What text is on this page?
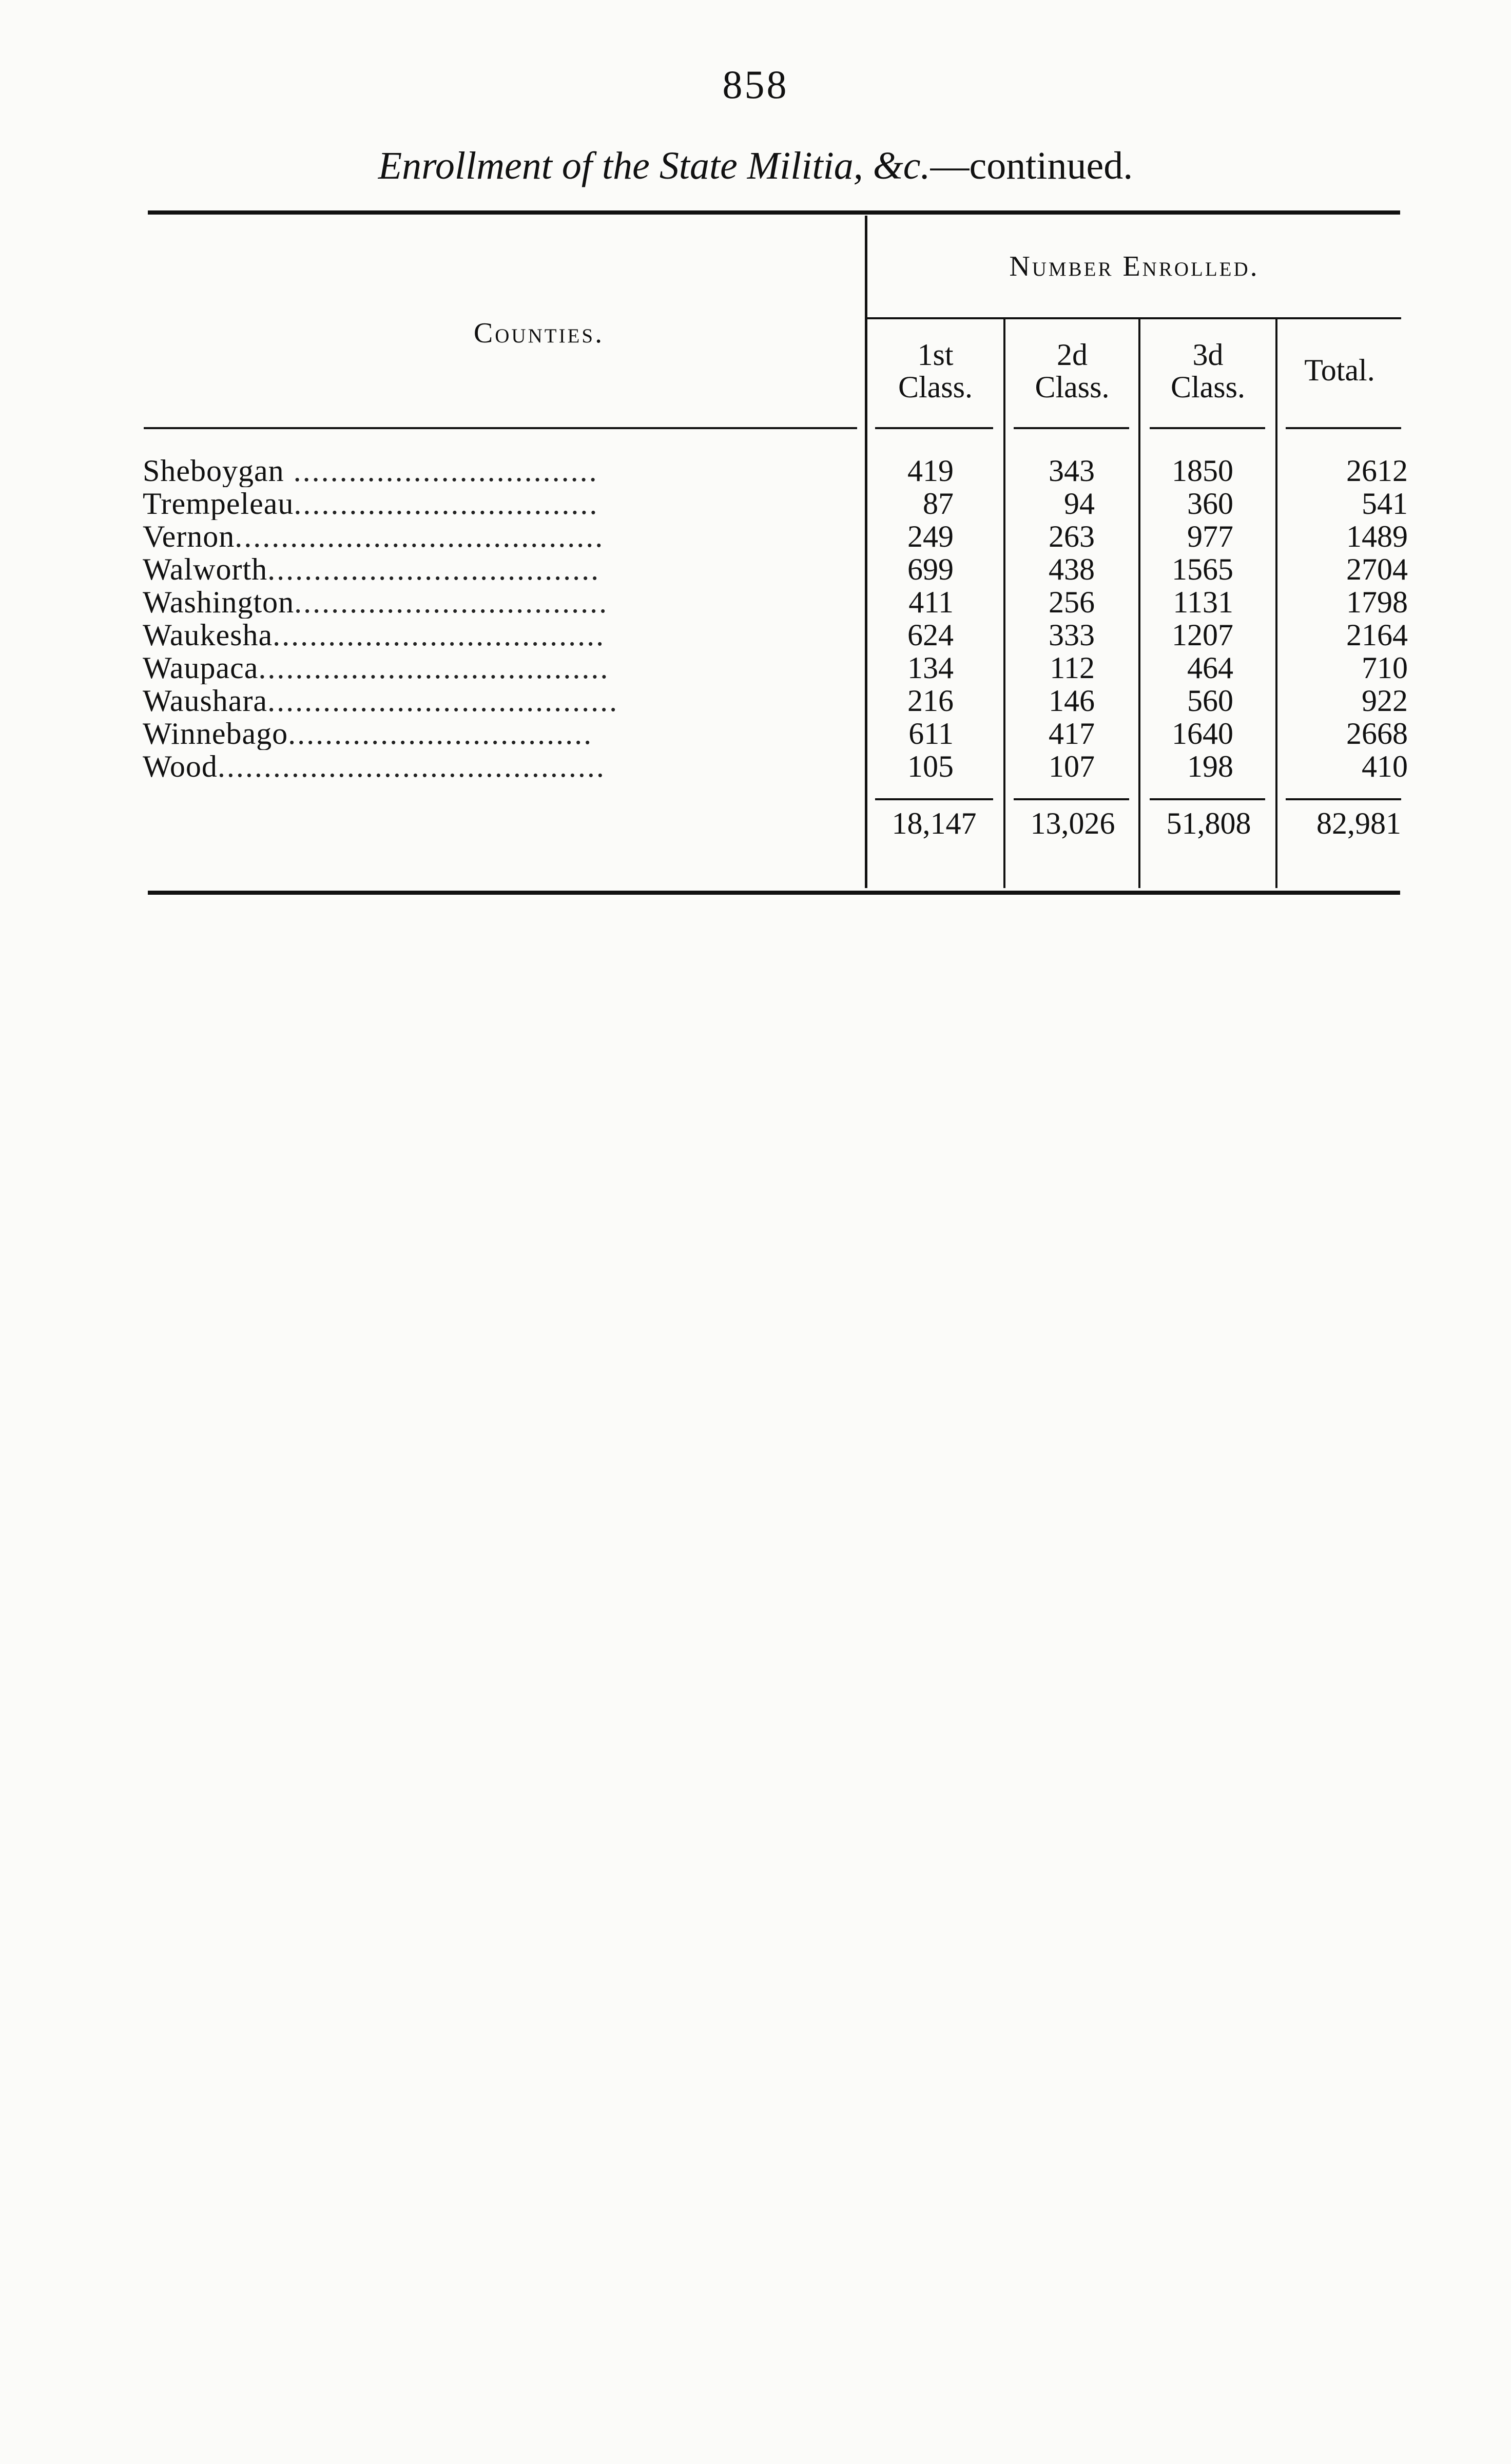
858
Enrollment of the State Militia, &c.—continued.
Counties.
Number Enrolled.
1st
Class.
2d
Class.
3d
Class.	Total.
Sheboygan .................................	419	343	1850	2612
Trempeleau.................................	87	94	360	541
Vernon........................................	249	263	977	1489
Walworth....................................	699	438	1565	2704
Washington..................................	411	256	1131	1798
Waukesha....................................	624	333	1207	2164
Waupaca......................................	134	112	464	710
Waushara......................................	216	146	560	922
Winnebago.................................	611	417	1640	2668
Wood..........................................	105	107	198	410
18,147	13,026	51,808	82,981
